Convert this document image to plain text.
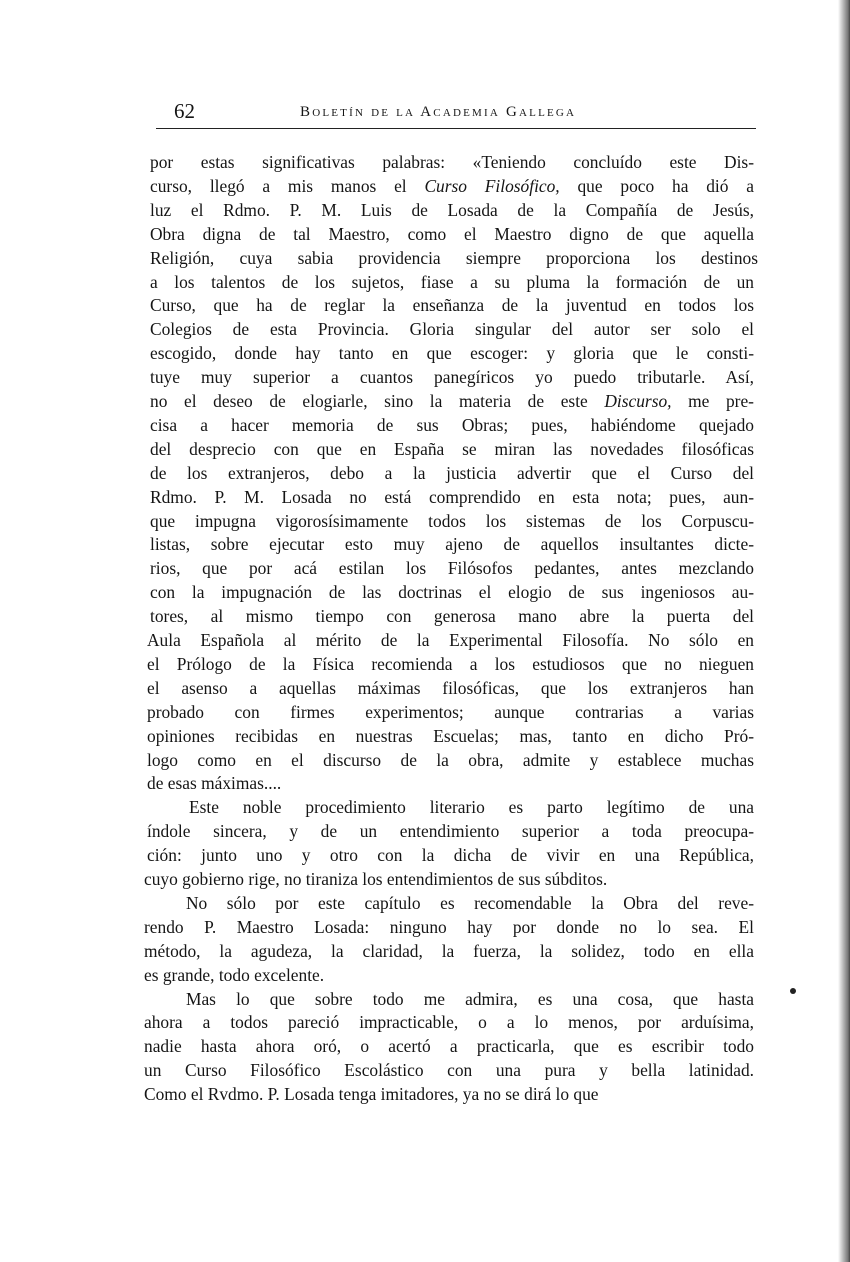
62	Boletín de la Academia Gallega
por estas significativas palabras: «Teniendo concluído este Dis-
curso, llegó a mis manos el Curso Filosófico, que poco ha dió a
luz el Rdmo. P. M. Luis de Losada de la Compañía de Jesús,
Obra digna de tal Maestro, como el Maestro digno de que aquella
Religión, cuya sabia providencia siempre proporciona los destinos
a los talentos de los sujetos, fiase a su pluma la formación de un
Curso, que ha de reglar la enseñanza de la juventud en todos los
Colegios de esta Provincia. Gloria singular del autor ser solo el
escogido, donde hay tanto en que escoger: y gloria que le consti-
tuye muy superior a cuantos panegíricos yo puedo tributarle. Así,
no el deseo de elogiarle, sino la materia de este Discurso, me pre-
cisa a hacer memoria de sus Obras; pues, habiéndome quejado
del desprecio con que en España se miran las novedades filosóficas
de los extranjeros, debo a la justicia advertir que el Curso del
Rdmo. P. M. Losada no está comprendido en esta nota; pues, aun-
que impugna vigorosísimamente todos los sistemas de los Corpuscu-
listas, sobre ejecutar esto muy ajeno de aquellos insultantes dicte-
rios, que por acá estilan los Filósofos pedantes, antes mezclando
con la impugnación de las doctrinas el elogio de sus ingeniosos au-
tores, al mismo tiempo con generosa mano abre la puerta del
Aula Española al mérito de la Experimental Filosofía. No sólo en
el Prólogo de la Física recomienda a los estudiosos que no nieguen
el asenso a aquellas máximas filosóficas, que los extranjeros han
probado con firmes experimentos; aunque contrarias a varias
opiniones recibidas en nuestras Escuelas; mas, tanto en dicho Pró-
logo como en el discurso de la obra, admite y establece muchas
de esas máximas....
Este noble procedimiento literario es parto legítimo de una
índole sincera, y de un entendimiento superior a toda preocupa-
ción: junto uno y otro con la dicha de vivir en una República,
cuyo gobierno rige, no tiraniza los entendimientos de sus súbditos.
No sólo por este capítulo es recomendable la Obra del reve-
rendo P. Maestro Losada: ninguno hay por donde no lo sea. El
método, la agudeza, la claridad, la fuerza, la solidez, todo en ella
es grande, todo excelente.
Mas lo que sobre todo me admira, es una cosa, que hasta
ahora a todos pareció impracticable, o a lo menos, por arduísima,
nadie hasta ahora oró, o acertó a practicarla, que es escribir todo
un Curso Filosófico Escolástico con una pura y bella latinidad.
Como el Rvdmo. P. Losada tenga imitadores, ya no se dirá lo que
